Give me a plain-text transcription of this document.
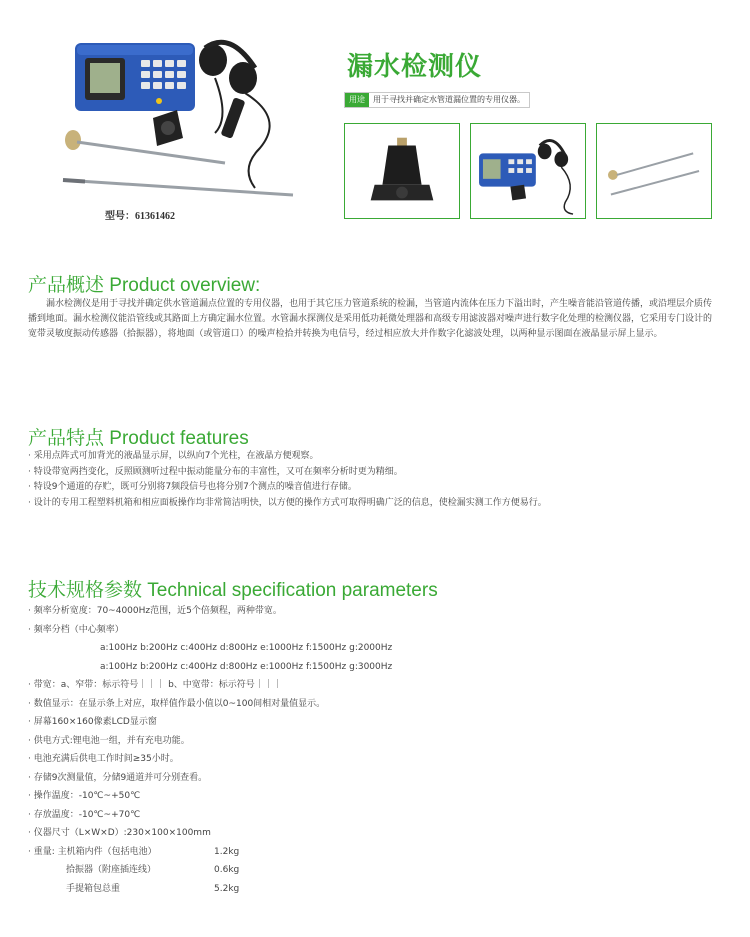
型号：61361462
漏水检测仪
用途	用于寻找并确定水管道漏位置的专用仪器。
产品概述 Product overview:

漏水检测仪是用于寻找并确定供水管道漏点位置的专用仪器，也用于其它压力管道系统的检漏，当管道内流体在压力下溢出时，产生噪音能沿管道传播，或沿埋层介质传播到地面。漏水检测仪能沿管线或其路面上方确定漏水位置。水管漏水探测仪是采用低功耗微处理器和高级专用滤波器对噪声进行数字化处理的检测仪器，它采用专门设计的宽带灵敏度振动传感器（拾振器），将地面（或管道口）的噪声检拾并转换为电信号，经过相应放大并作数字化滤波处理，以两种显示图面在液晶显示屏上显示。

产品特点 Product features
· 采用点阵式可加背光的液晶显示屏，以纵向7个光柱，在液晶方便观察。
· 特设带宽两挡变化，反照顾测听过程中振动能量分布的丰富性，又可在频率分析时更为精细。
· 特设9个通道的存贮，既可分别将7频段信号也将分别7个测点的噪音值进行存储。
· 设计的专用工程塑料机箱和相应面板操作均非常简洁明快，以方便的操作方式可取得明确广泛的信息，使检漏实测工作方便易行。
技术规格参数 Technical specification parameters
· 频率分析宽度：70~4000Hz范围，近5个倍频程，两种带宽。
· 频率分档（中心频率）
a:100Hz b:200Hz c:400Hz d:800Hz e:1000Hz f:1500Hz g:2000Hz
a:100Hz b:200Hz c:400Hz d:800Hz e:1000Hz f:1500Hz g:3000Hz
· 带宽：a、窄带：标示符号｜｜｜ b、中宽带：标示符号｜｜｜
· 数值显示：在显示条上对应，取样值作最小值以0~100间相对量值显示。
· 屏幕160×160像素LCD显示窗
· 供电方式:锂电池一组，并有充电功能。
· 电池充满后供电工作时间≥35小时。
· 存储9次测量值，分储9通道并可分别查看。
· 操作温度：-10℃~+50℃
· 存放温度：-10℃~+70℃
· 仪器尺寸（L×W×D）:230×100×100mm
· 重量: 主机箱内件（包括电池）	1.2kg
拾振器（附座插连线）	0.6kg
手提箱包总重	5.2kg
